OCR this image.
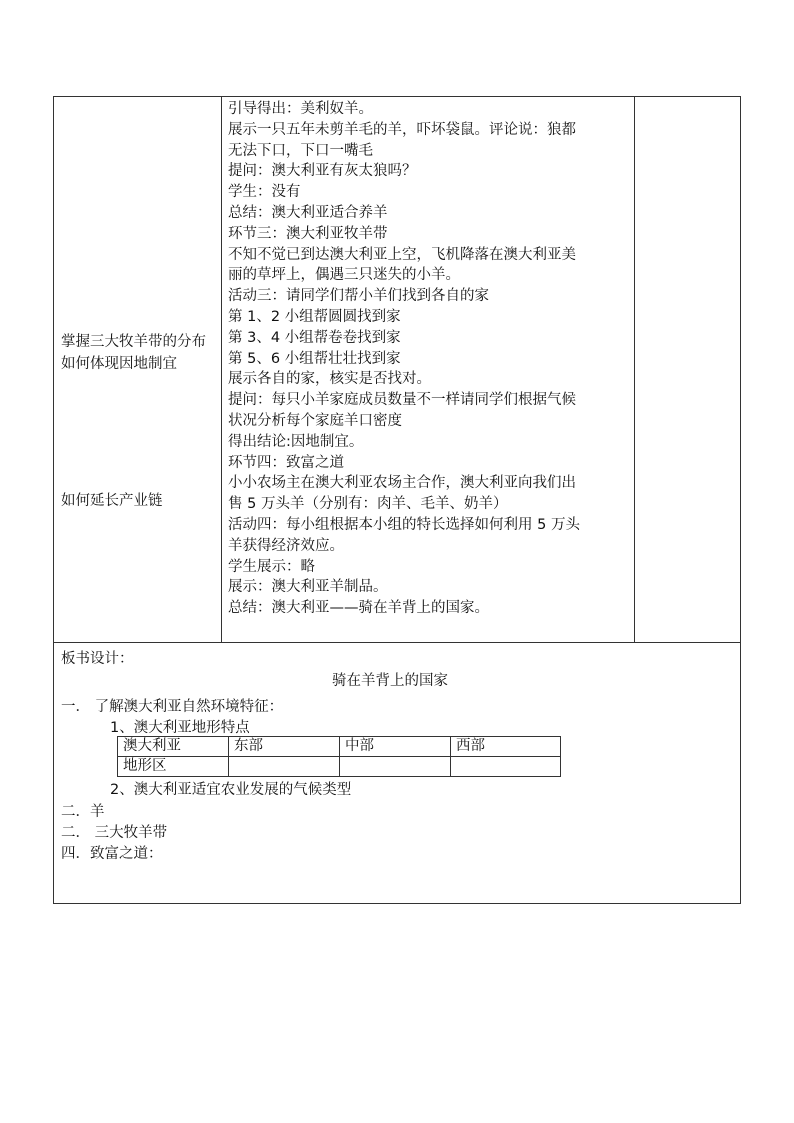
掌握三大牧羊带的分布如何体现因地制宜
如何延长产业链
引导得出：美利奴羊。
展示一只五年未剪羊毛的羊，吓坏袋鼠。评论说：狼都
无法下口，下口一嘴毛
提问：澳大利亚有灰太狼吗？
学生：没有
总结：澳大利亚适合养羊
环节三：澳大利亚牧羊带
不知不觉已到达澳大利亚上空，飞机降落在澳大利亚美
丽的草坪上，偶遇三只迷失的小羊。
活动三：请同学们帮小羊们找到各自的家
第 1、2 小组帮圆圆找到家
第 3、4 小组帮卷卷找到家
第 5、6 小组帮壮壮找到家
展示各自的家，核实是否找对。
提问：每只小羊家庭成员数量不一样请同学们根据气候
状况分析每个家庭羊口密度
得出结论:因地制宜。
环节四：致富之道
小小农场主在澳大利亚农场主合作，澳大利亚向我们出
售 5 万头羊（分别有：肉羊、毛羊、奶羊）
活动四：每小组根据本小组的特长选择如何利用 5 万头
羊获得经济效应。
学生展示：略
展示：澳大利亚羊制品。
总结：澳大利亚——骑在羊背上的国家。
板书设计：
骑在羊背上的国家
一． 了解澳大利亚自然环境特征：
1、澳大利亚地形特点
澳大利亚	东部	中部	西部
地形区			
2、澳大利亚适宜农业发展的气候类型
二．羊
二． 三大牧羊带
四．致富之道：
